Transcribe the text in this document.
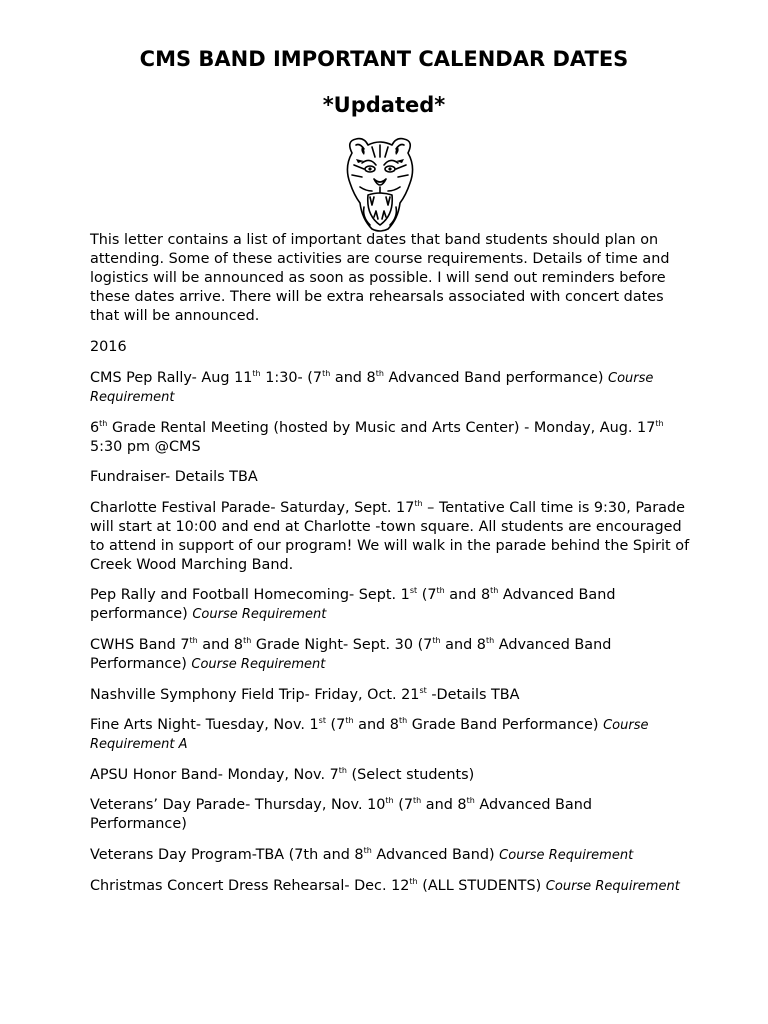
CMS BAND IMPORTANT CALENDAR DATES
*Updated*

This letter contains a list of important dates that band students should plan on attending. Some of these activities are course requirements. Details of time and logistics will be announced as soon as possible. I will send out reminders before these dates arrive. There will be extra rehearsals associated with concert dates that will be announced.

2016

CMS Pep Rally- Aug 11th 1:30- (7th and 8th Advanced Band performance) Course Requirement

6th Grade Rental Meeting (hosted by Music and Arts Center) - Monday, Aug. 17th 5:30 pm @CMS

Fundraiser- Details TBA

Charlotte Festival Parade- Saturday, Sept. 17th – Tentative Call time is 9:30, Parade will start at 10:00 and end at Charlotte -town square. All students are encouraged to attend in support of our program! We will walk in the parade behind the Spirit of Creek Wood Marching Band.

Pep Rally and Football Homecoming- Sept. 1st (7th and 8th Advanced Band performance) Course Requirement

CWHS Band 7th and 8th Grade Night- Sept. 30 (7th and 8th Advanced Band Performance) Course Requirement

Nashville Symphony Field Trip- Friday, Oct. 21st -Details TBA

Fine Arts Night- Tuesday, Nov. 1st (7th and 8th Grade Band Performance) Course Requirement A

APSU Honor Band- Monday, Nov. 7th (Select students)

Veterans’ Day Parade- Thursday, Nov. 10th (7th and 8th Advanced Band Performance)

Veterans Day Program-TBA (7th and 8th Advanced Band) Course Requirement

Christmas Concert Dress Rehearsal- Dec. 12th (ALL STUDENTS) Course Requirement
